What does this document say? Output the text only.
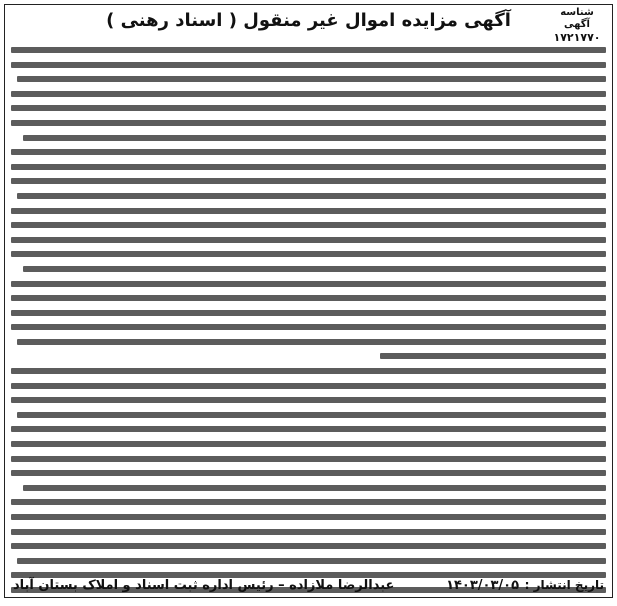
شناسه آگهی
۱۷۲۱۷۷۰
آگهی مزایده اموال غیر منقول ( اسناد رهنی )
تاریخ انتشار : ۱۴۰۳/۰۳/۰۵
عبدالرضا ملازاده – رئیس اداره ثبت اسناد و املاک بستان آباد
